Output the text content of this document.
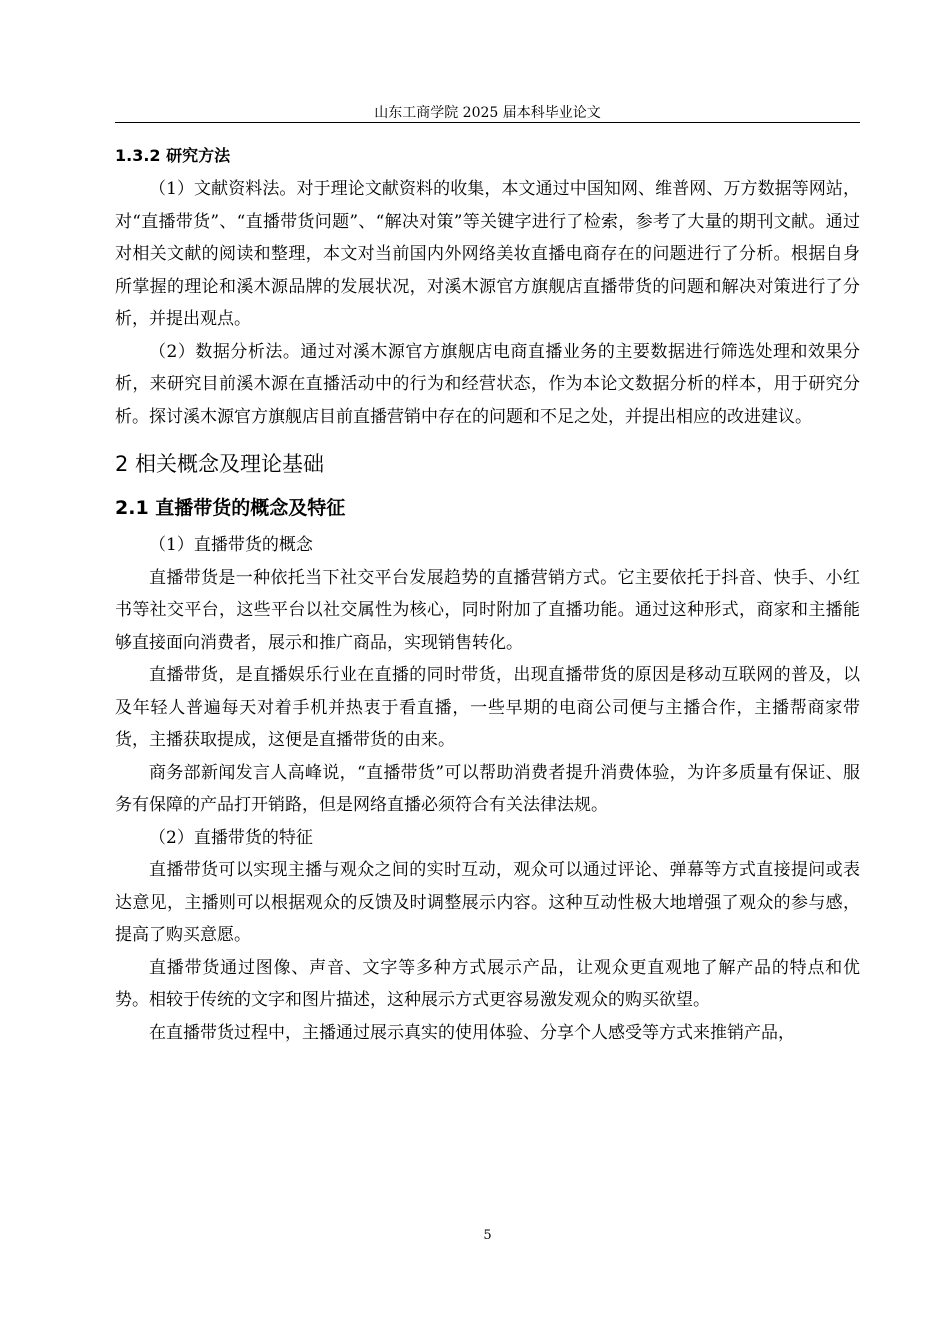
山东工商学院 2025 届本科毕业论文
1.3.2 研究方法

（1）文献资料法。对于理论文献资料的收集，本文通过中国知网、维普网、万方数据等网站，对“直播带货”、“直播带货问题”、“解决对策”等关键字进行了检索，参考了大量的期刊文献。通过对相关文献的阅读和整理，本文对当前国内外网络美妆直播电商存在的问题进行了分析。根据自身所掌握的理论和溪木源品牌的发展状况，对溪木源官方旗舰店直播带货的问题和解决对策进行了分析，并提出观点。

（2）数据分析法。通过对溪木源官方旗舰店电商直播业务的主要数据进行筛选处理和效果分析，来研究目前溪木源在直播活动中的行为和经营状态，作为本论文数据分析的样本，用于研究分析。探讨溪木源官方旗舰店目前直播营销中存在的问题和不足之处，并提出相应的改进建议。

2 相关概念及理论基础
2.1 直播带货的概念及特征

（1）直播带货的概念

直播带货是一种依托当下社交平台发展趋势的直播营销方式。它主要依托于抖音、快手、小红书等社交平台，这些平台以社交属性为核心，同时附加了直播功能。通过这种形式，商家和主播能够直接面向消费者，展示和推广商品，实现销售转化。

直播带货，是直播娱乐行业在直播的同时带货，出现直播带货的原因是移动互联网的普及，以及年轻人普遍每天对着手机并热衷于看直播，一些早期的电商公司便与主播合作，主播帮商家带货，主播获取提成，这便是直播带货的由来。

商务部新闻发言人高峰说，“直播带货”可以帮助消费者提升消费体验，为许多质量有保证、服务有保障的产品打开销路，但是网络直播必须符合有关法律法规。

（2）直播带货的特征

直播带货可以实现主播与观众之间的实时互动，观众可以通过评论、弹幕等方式直接提问或表达意见，主播则可以根据观众的反馈及时调整展示内容。这种互动性极大地增强了观众的参与感，提高了购买意愿。

直播带货通过图像、声音、文字等多种方式展示产品，让观众更直观地了解产品的特点和优势。相较于传统的文字和图片描述，这种展示方式更容易激发观众的购买欲望。

在直播带货过程中，主播通过展示真实的使用体验、分享个人感受等方式来推销产品，

5
